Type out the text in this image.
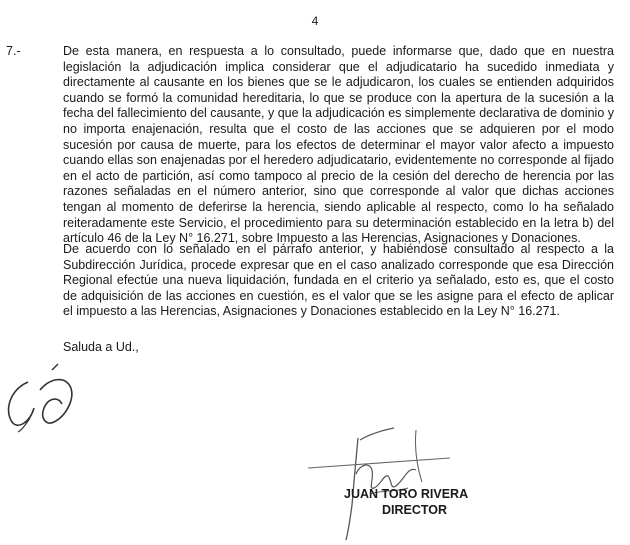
4
7.-	De esta manera, en respuesta a lo consultado, puede informarse que, dado que en nuestra legislación la adjudicación implica considerar que el adjudicatario ha sucedido inmediata y directamente al causante en los bienes que se le adjudicaron, los cuales se entienden adquiridos cuando se formó la comunidad hereditaria, lo que se produce con la apertura de la sucesión a la fecha del fallecimiento del causante, y que la adjudicación es simplemente declarativa de dominio y no importa enajenación, resulta que el costo de las acciones que se adquieren por el modo sucesión por causa de muerte, para los efectos de determinar el mayor valor afecto a impuesto cuando ellas son enajenadas por el heredero adjudicatario, evidentemente no corresponde al fijado en el acto de partición, así como tampoco al precio de la cesión del derecho de herencia por las razones señaladas en el número anterior, sino que corresponde al valor que dichas acciones tengan al momento de deferirse la herencia, siendo aplicable al respecto, como lo ha señalado reiteradamente este Servicio, el procedimiento para su determinación establecido en la letra b) del artículo 46 de la Ley N° 16.271, sobre Impuesto a las Herencias, Asignaciones y Donaciones.

De acuerdo con lo señalado en el párrafo anterior, y habiéndose consultado al respecto a la Subdirección Jurídica, procede expresar que en el caso analizado corresponde que esa Dirección Regional efectúe una nueva liquidación, fundada en el criterio ya señalado, esto es, que el costo de adquisición de las acciones en cuestión, es el valor que se les asigne para el efecto de aplicar el impuesto a las Herencias, Asignaciones y Donaciones establecido en la Ley N° 16.271.

Saluda a Ud.,
JUAN TORO RIVERA
DIRECTOR
